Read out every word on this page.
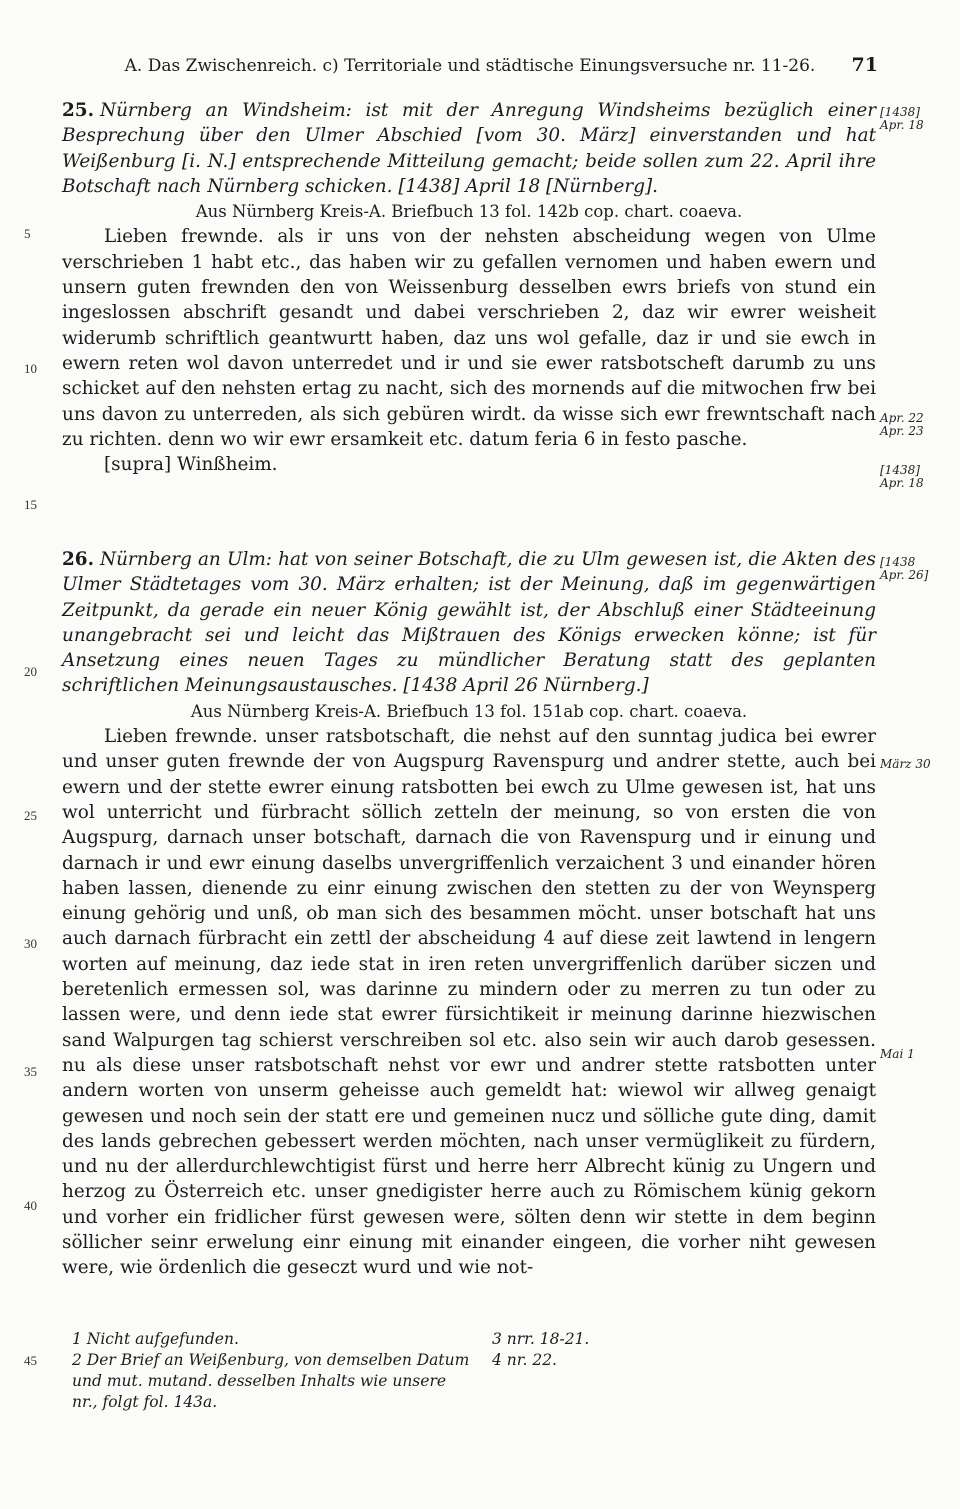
A. Das Zwischenreich. c) Territoriale und städtische Einungsversuche nr. 11-26. 71

25. Nürnberg an Windsheim: ist mit der Anregung Windsheims bezüglich einer Besprechung über den Ulmer Abschied [vom 30. März] einverstanden und hat Weißenburg [i. N.] entsprechende Mitteilung gemacht; beide sollen zum 22. April ihre Botschaft nach Nürnberg schicken. [1438] April 18 [Nürnberg].

Aus Nürnberg Kreis-A. Briefbuch 13 fol. 142b cop. chart. coaeva.

Lieben frewnde. als ir uns von der nehsten abscheidung wegen von Ulme verschrieben 1 habt etc., das haben wir zu gefallen vernomen und haben ewern und unsern guten frewnden den von Weissenburg desselben ewrs briefs von stund ein ingeslossen abschrift gesandt und dabei verschrieben 2, daz wir ewrer weisheit widerumb schriftlich geantwurtt haben, daz uns wol gefalle, daz ir und sie ewch in ewern reten wol davon unterredet und ir und sie ewer ratsbotscheft darumb zu uns schicket auf den nehsten ertag zu nacht, sich des mornends auf die mitwochen frw bei uns davon zu unterreden, als sich gebüren wirdt. da wisse sich ewr frewntschaft nach zu richten. denn wo wir ewr ersamkeit etc. datum feria 6 in festo pasche.
[supra] Winßheim.

26. Nürnberg an Ulm: hat von seiner Botschaft, die zu Ulm gewesen ist, die Akten des Ulmer Städtetages vom 30. März erhalten; ist der Meinung, daß im gegenwärtigen Zeitpunkt, da gerade ein neuer König gewählt ist, der Abschluß einer Städteeinung unangebracht sei und leicht das Mißtrauen des Königs erwecken könne; ist für Ansetzung eines neuen Tages zu mündlicher Beratung statt des geplanten schriftlichen Meinungsaustausches. [1438 April 26 Nürnberg.]

Aus Nürnberg Kreis-A. Briefbuch 13 fol. 151ab cop. chart. coaeva.

Lieben frewnde. unser ratsbotschaft, die nehst auf den sunntag judica bei ewrer und unser guten frewnde der von Augspurg Ravenspurg und andrer stette, auch bei ewern und der stette ewrer einung ratsbotten bei ewch zu Ulme gewesen ist, hat uns wol unterricht und fürbracht söllich zetteln der meinung, so von ersten die von Augspurg, darnach unser botschaft, darnach die von Ravenspurg und ir einung und darnach ir und ewr einung daselbs unvergriffenlich verzaichent 3 und einander hören haben lassen, dienende zu einr einung zwischen den stetten zu der von Weynsperg einung gehörig und unß, ob man sich des besammen möcht. unser botschaft hat uns auch darnach fürbracht ein zettl der abscheidung 4 auf diese zeit lawtend in lengern worten auf meinung, daz iede stat in iren reten unvergriffenlich darüber siczen und beretenlich ermessen sol, was darinne zu mindern oder zu merren zu tun oder zu lassen were, und denn iede stat ewrer fürsichtikeit ir meinung darinne hiezwischen sand Walpurgen tag schierst verschreiben sol etc. also sein wir auch darob gesessen. nu als diese unser ratsbotschaft nehst vor ewr und andrer stette ratsbotten unter andern worten von unserm geheisse auch gemeldt hat: wiewol wir allweg genaigt gewesen und noch sein der statt ere und gemeinen nucz und sölliche gute ding, damit des lands gebrechen gebessert werden möchten, nach unser vermüglikeit zu fürdern, und nu der allerdurchlewchtigist fürst und herre herr Albrecht künig zu Ungern und herzog zu Österreich etc. unser gnedigister herre auch zu Römischem künig gekorn und vorher ein fridlicher fürst gewesen were, sölten denn wir stette in dem beginn söllicher seinr erwelung einr einung mit einander eingeen, die vorher niht gewesen were, wie ördenlich die geseczt wurd und wie not-

5
10
15
20
25
30
35
40
45
[1438] Apr. 18
Apr. 22 Apr. 23
[1438] Apr. 18
[1438 Apr. 26]
März 30
Mai 1

1 Nicht aufgefunden.

2 Der Brief an Weißenburg, von demselben Datum und mut. mutand. desselben Inhalts wie unsere nr., folgt fol. 143a.

3 nrr. 18-21.

4 nr. 22.
